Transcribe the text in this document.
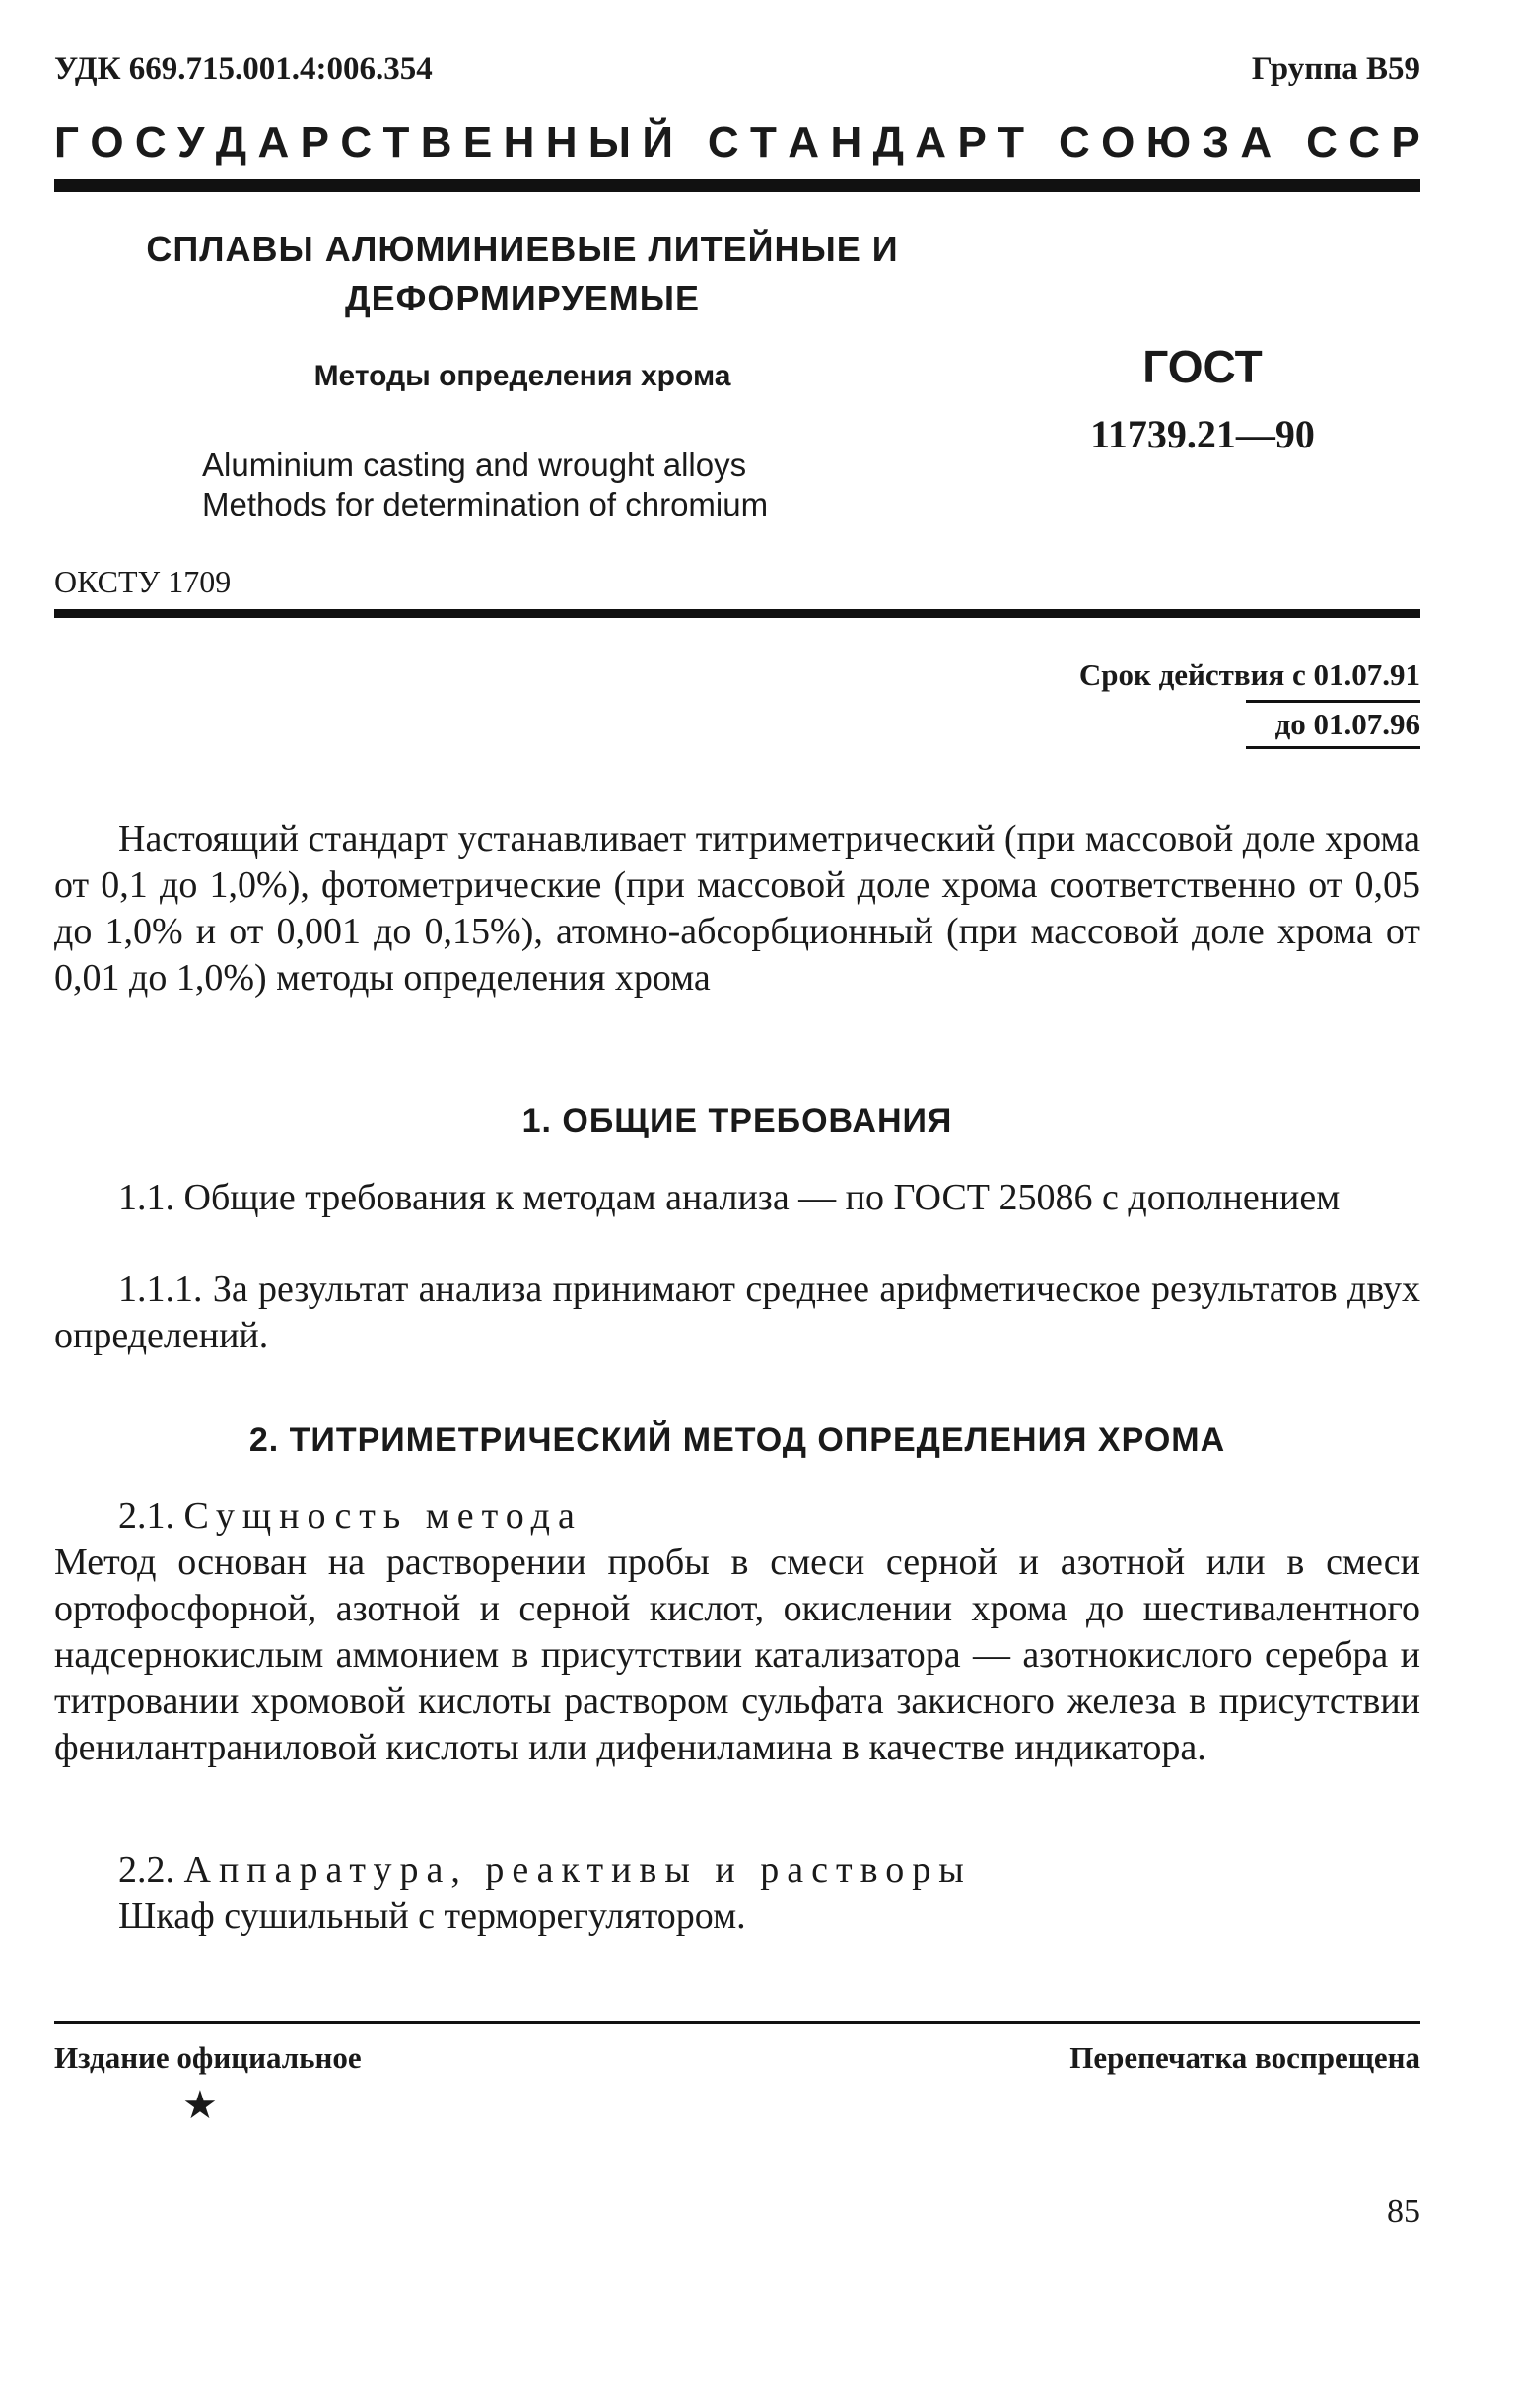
УДК 669.715.001.4:006.354	Группа В59
Г О С У Д А Р С Т В Е Н Н Ы Й
С Т А Н Д А Р Т
С О Ю З А
С С Р
СПЛАВЫ АЛЮМИНИЕВЫЕ ЛИТЕЙНЫЕ И
ДЕФОРМИРУЕМЫЕ
Методы определения хрома
Aluminium casting and wrought alloys
Methods for determination of chromium
ГОСТ
11739.21—90
ОКСТУ 1709
Срок действия с 01.07.91
до 01.07.96
Настоящий стандарт устанавливает титриметрический (при массовой доле хрома от 0,1 до 1,0%), фотометрические (при массовой доле хрома соответственно от 0,05 до 1,0% и от 0,001 до 0,15%), атомно-абсорбционный (при массовой доле хрома от 0,01 до 1,0%) методы определения хрома
1. ОБЩИЕ ТРЕБОВАНИЯ
1.1. Общие требования к методам анализа — по ГОСТ 25086 с дополнением
1.1.1. За результат анализа принимают среднее арифметическое результатов двух определений.
2. ТИТРИМЕТРИЧЕСКИЙ МЕТОД ОПРЕДЕЛЕНИЯ ХРОМА
2.1. Сущность метода
Метод основан на растворении пробы в смеси серной и азотной или в смеси ортофосфорной, азотной и серной кислот, окислении хрома до шестивалентного надсернокислым аммонием в присутствии катализатора — азотнокислого серебра и титровании хромовой кислоты раствором сульфата закисного железа в присутствии фенилантраниловой кислоты или дифениламина в качестве индикатора.
2.2. Аппаратура, реактивы и растворы
Шкаф сушильный с терморегулятором.
Издание официальное	Перепечатка воспрещена
★
85
